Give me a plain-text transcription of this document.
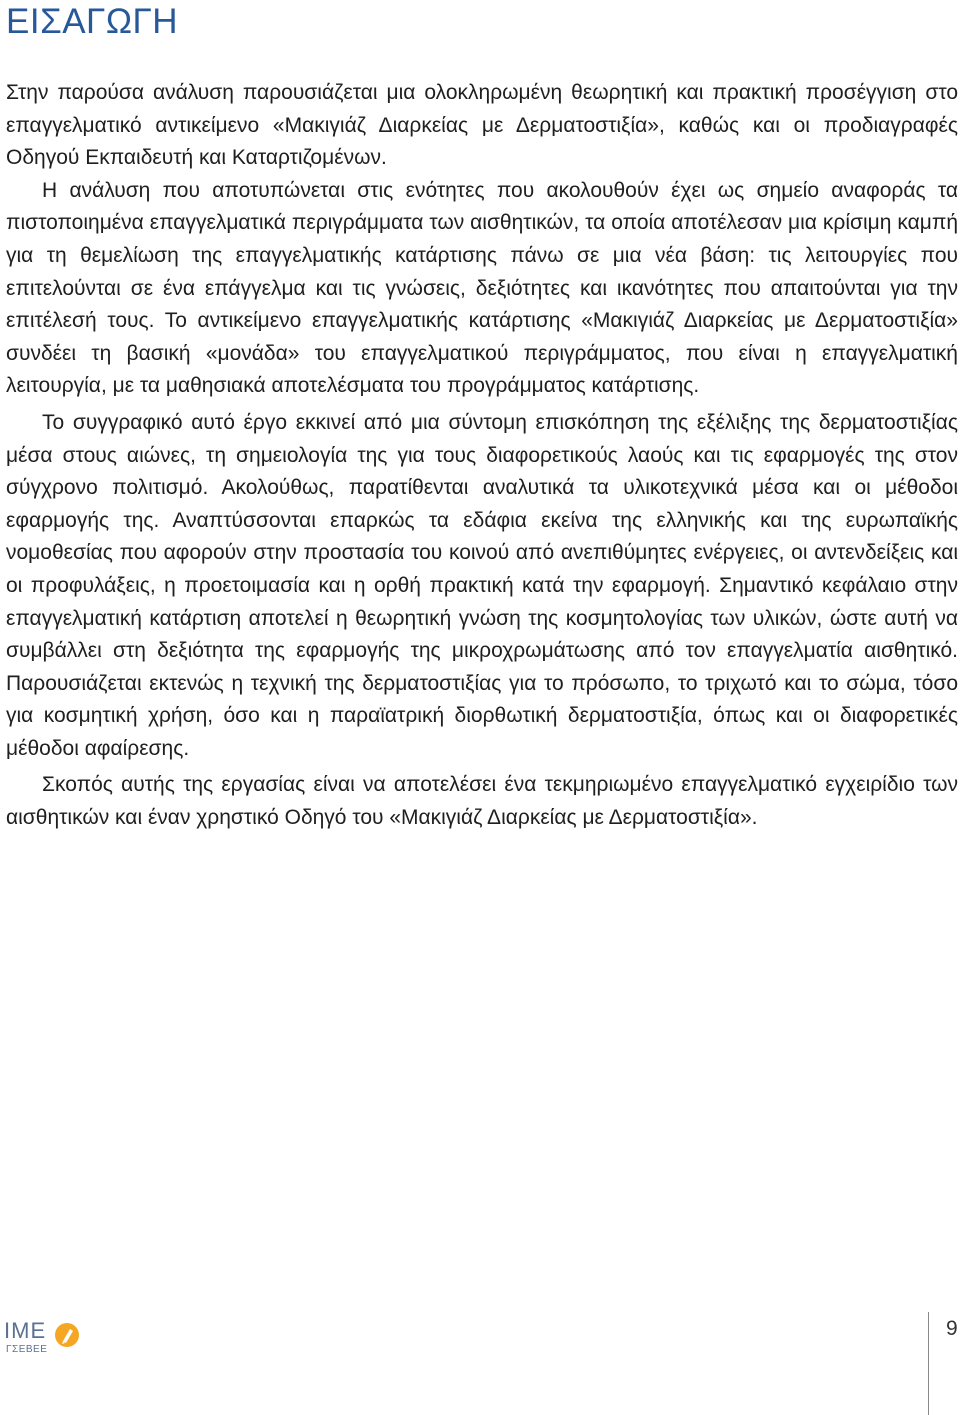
ΕΙΣΑΓΩΓΗ

Στην παρούσα ανάλυση παρουσιάζεται μια ολοκληρωμένη θεωρητική και πρακτική προσέγγιση στο επαγγελματικό αντικείμενο «Μακιγιάζ Διαρκείας με Δερματοστιξία», καθώς και οι προδιαγραφές Οδηγού Εκπαιδευτή και Καταρτιζομένων.

Η ανάλυση που αποτυπώνεται στις ενότητες που ακολουθούν έχει ως σημείο αναφοράς τα πιστοποιημένα επαγγελματικά περιγράμματα των αισθητικών, τα οποία αποτέλεσαν μια κρίσιμη καμπή για τη θεμελίωση της επαγγελματικής κατάρτισης πάνω σε μια νέα βάση: τις λειτουργίες που επιτελούνται σε ένα επάγγελμα και τις γνώσεις, δεξιότητες και ικανότητες που απαιτούνται για την επιτέλεσή τους. Το αντικείμενο επαγγελματικής κατάρτισης «Μακιγιάζ Διαρκείας με Δερματοστιξία» συνδέει τη βασική «μονάδα» του επαγγελματικού περιγράμματος, που είναι η επαγγελματική λειτουργία, με τα μαθησιακά αποτελέσματα του προγράμματος κατάρτισης.

Το συγγραφικό αυτό έργο εκκινεί από μια σύντομη επισκόπηση της εξέλιξης της δερματοστιξίας μέσα στους αιώνες, τη σημειολογία της για τους διαφορετικούς λαούς και τις εφαρμογές της στον σύγχρονο πολιτισμό. Ακολούθως, παρατίθενται αναλυτικά τα υλικοτεχνικά μέσα και οι μέθοδοι εφαρμογής της. Αναπτύσσονται επαρκώς τα εδάφια εκείνα της ελληνικής και της ευρωπαϊκής νομοθεσίας που αφορούν στην προστασία του κοινού από ανεπιθύμητες ενέργειες, οι αντενδείξεις και οι προφυλάξεις, η προετοιμασία και η ορθή πρακτική κατά την εφαρμογή. Σημαντικό κεφάλαιο στην επαγγελματική κατάρτιση αποτελεί η θεωρητική γνώση της κοσμητολογίας των υλικών, ώστε αυτή να συμβάλλει στη δεξιότητα της εφαρμογής της μικροχρωμάτωσης από τον επαγγελματία αισθητικό. Παρουσιάζεται εκτενώς η τεχνική της δερματοστιξίας για το πρόσωπο, το τριχωτό και το σώμα, τόσο για κοσμητική χρήση, όσο και η παραϊατρική διορθωτική δερματοστιξία, όπως και οι διαφορετικές μέθοδοι αφαίρεσης.

Σκοπός αυτής της εργασίας είναι να αποτελέσει ένα τεκμηριωμένο επαγγελματικό εγχειρίδιο των αισθητικών και έναν χρηστικό Οδηγό του «Μακιγιάζ Διαρκείας με Δερματοστιξία».

IME
ΓΣΕΒΕΕ
9
